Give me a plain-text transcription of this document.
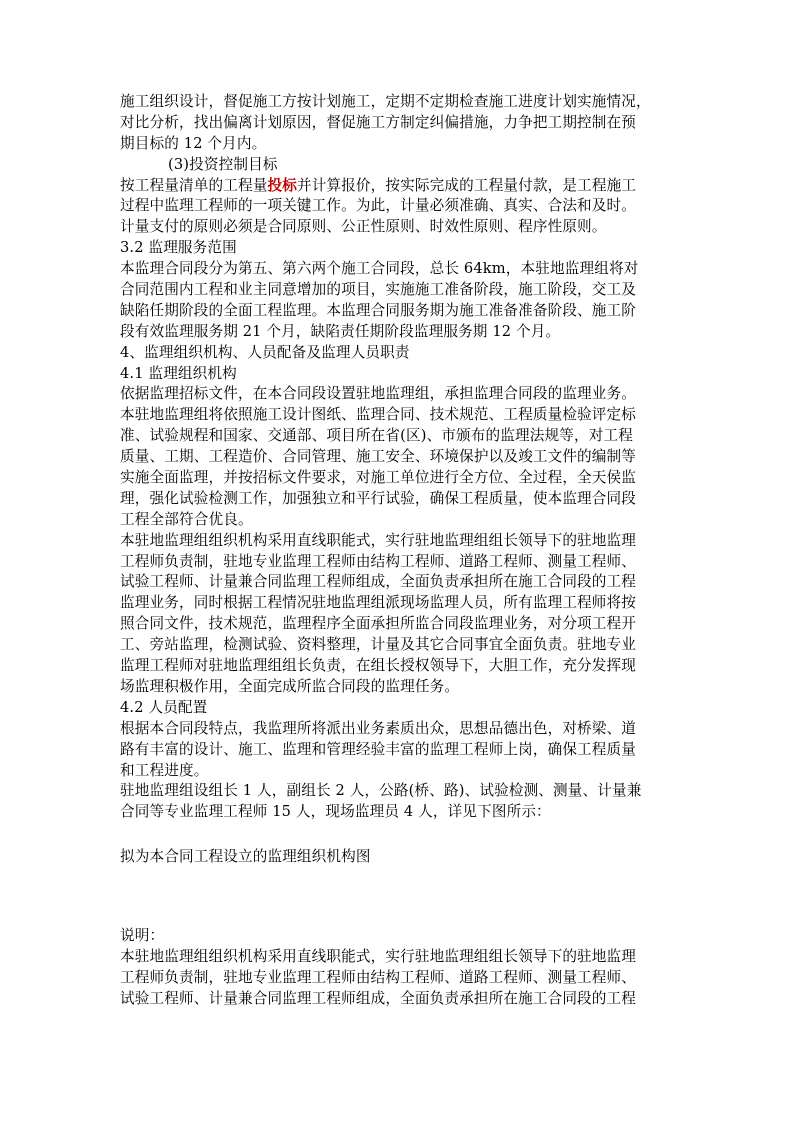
施工组织设计，督促施工方按计划施工，定期不定期检查施工进度计划实施情况，
对比分析，找出偏离计划原因，督促施工方制定纠偏措施，力争把工期控制在预
期目标的 12 个月内。
(3)投资控制目标
按工程量清单的工程量投标并计算报价，按实际完成的工程量付款，是工程施工
过程中监理工程师的一项关键工作。为此，计量必须准确、真实、合法和及时。
计量支付的原则必须是合同原则、公正性原则、时效性原则、程序性原则。
3.2 监理服务范围
本监理合同段分为第五、第六两个施工合同段，总长 64km，本驻地监理组将对
合同范围内工程和业主同意增加的项目，实施施工准备阶段，施工阶段，交工及
缺陷任期阶段的全面工程监理。本监理合同服务期为施工准备准备阶段、施工阶
段有效监理服务期 21 个月，缺陷责任期阶段监理服务期 12 个月。
4、监理组织机构、人员配备及监理人员职责
4.1 监理组织机构
依据监理招标文件，在本合同段设置驻地监理组，承担监理合同段的监理业务。
本驻地监理组将依照施工设计图纸、监理合同、技术规范、工程质量检验评定标
准、试验规程和国家、交通部、项目所在省(区)、市颁布的监理法规等，对工程
质量、工期、工程造价、合同管理、施工安全、环境保护以及竣工文件的编制等
实施全面监理，并按招标文件要求，对施工单位进行全方位、全过程，全天侯监
理，强化试验检测工作，加强独立和平行试验，确保工程质量，使本监理合同段
工程全部符合优良。
本驻地监理组组织机构采用直线职能式，实行驻地监理组组长领导下的驻地监理
工程师负责制，驻地专业监理工程师由结构工程师、道路工程师、测量工程师、
试验工程师、计量兼合同监理工程师组成，全面负责承担所在施工合同段的工程
监理业务，同时根据工程情况驻地监理组派现场监理人员，所有监理工程师将按
照合同文件，技术规范，监理程序全面承担所监合同段监理业务，对分项工程开
工、旁站监理，检测试验、资料整理，计量及其它合同事宜全面负责。驻地专业
监理工程师对驻地监理组组长负责，在组长授权领导下，大胆工作，充分发挥现
场监理积极作用，全面完成所监合同段的监理任务。
4.2 人员配置
根据本合同段特点，我监理所将派出业务素质出众，思想品德出色，对桥梁、道
路有丰富的设计、施工、监理和管理经验丰富的监理工程师上岗，确保工程质量
和工程进度。
驻地监理组设组长 1 人，副组长 2 人，公路(桥、路)、试验检测、测量、计量兼
合同等专业监理工程师 15 人，现场监理员 4 人，详见下图所示：
拟为本合同工程设立的监理组织机构图
说明：
本驻地监理组组织机构采用直线职能式，实行驻地监理组组长领导下的驻地监理
工程师负责制，驻地专业监理工程师由结构工程师、道路工程师、测量工程师、
试验工程师、计量兼合同监理工程师组成，全面负责承担所在施工合同段的工程
